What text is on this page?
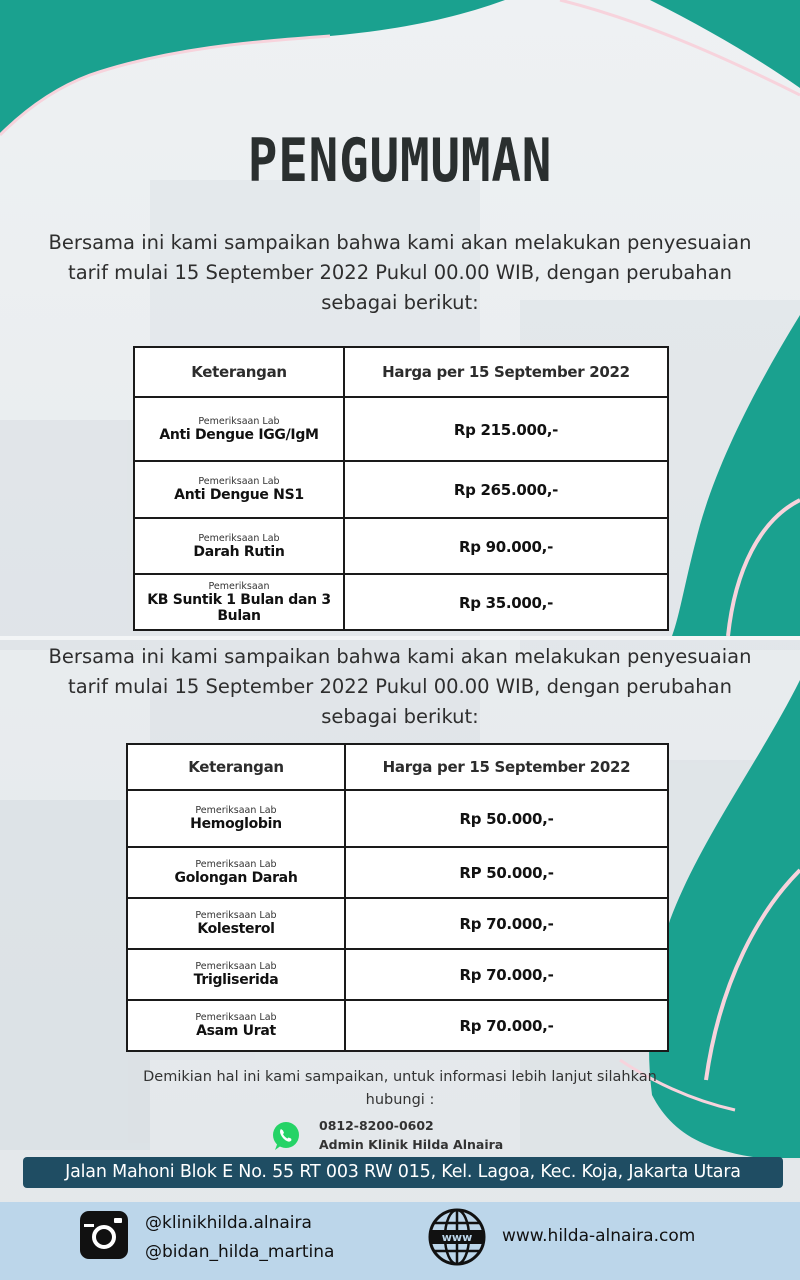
PENGUMUMAN
Bersama ini kami sampaikan bahwa kami akan melakukan penyesuaian tarif mulai 15 September 2022 Pukul 00.00 WIB, dengan perubahan sebagai berikut:
Keterangan	Harga per 15 September 2022

Pemeriksaan Lab
Anti Dengue IGG/IgM	Rp 215.000,-

Pemeriksaan Lab
Anti Dengue NS1	Rp 265.000,-

Pemeriksaan Lab
Darah Rutin	Rp 90.000,-

Pemeriksaan
KB Suntik 1 Bulan dan 3 Bulan	Rp 35.000,-
Bersama ini kami sampaikan bahwa kami akan melakukan penyesuaian tarif mulai 15 September 2022 Pukul 00.00 WIB, dengan perubahan sebagai berikut:
Keterangan	Harga per 15 September 2022

Pemeriksaan Lab
Hemoglobin	Rp 50.000,-

Pemeriksaan Lab
Golongan Darah	RP 50.000,-

Pemeriksaan Lab
Kolesterol	Rp 70.000,-

Pemeriksaan Lab
Trigliserida	Rp 70.000,-

Pemeriksaan Lab
Asam Urat	Rp 70.000,-
Demikian hal ini kami sampaikan, untuk informasi lebih lanjut silahkan hubungi :
0812-8200-0602
Admin Klinik Hilda Alnaira
Jalan Mahoni Blok E No. 55 RT 003 RW 015, Kel. Lagoa, Kec. Koja, Jakarta Utara
@klinikhilda.alnaira
@bidan_hilda_martina
www www.hilda-alnaira.com
